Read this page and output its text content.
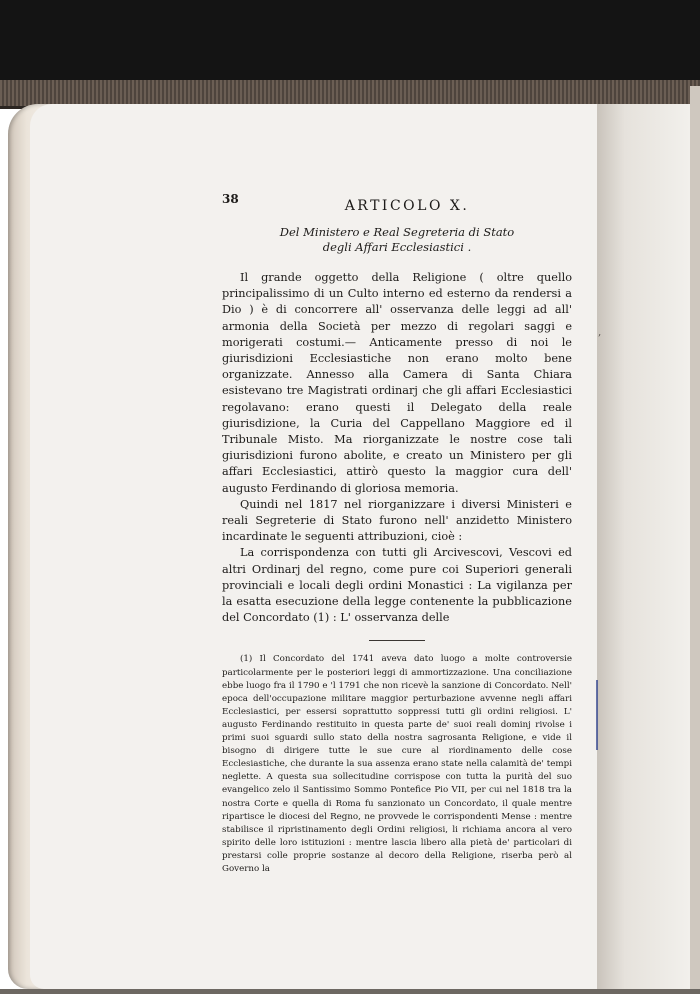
38	ARTICOLO X.
Del Ministero e Real Segreteria di Stato
degli Affari Ecclesiastici .

Il grande oggetto della Religione ( oltre quello principalissimo di un Culto interno ed esterno da rendersi a Dio ) è di concorrere all' osservanza delle leggi ad all' armonia della Società per mezzo di regolari saggi e morigerati costumi.— Anticamente presso di noi le giurisdizioni Ecclesiastiche non erano molto bene organizzate. Annesso alla Camera di Santa Chiara esistevano tre Magistrati ordinarj che gli affari Ecclesiastici regolavano: erano questi il Delegato della reale giurisdizione, la Curia del Cappellano Maggiore ed il Tribunale Misto. Ma riorganizzate le nostre cose tali giurisdizioni furono abolite, e creato un Ministero per gli affari Ecclesiastici, attirò questo la maggior cura dell' augusto Ferdinando di gloriosa memoria.

Quindi nel 1817 nel riorganizzare i diversi Ministeri e reali Segreterie di Stato furono nell' anzidetto Ministero incardinate le seguenti attribuzioni, cioè :

La corrispondenza con tutti gli Arcivescovi, Vescovi ed altri Ordinarj del regno, come pure coi Superiori generali provinciali e locali degli ordini Monastici : La vigilanza per la esatta esecuzione della legge contenente la pubblicazione del Concordato (1) : L' osservanza delle

(1) Il Concordato del 1741 aveva dato luogo a molte controversie particolarmente per le posteriori leggi di ammortizzazione. Una conciliazione ebbe luogo fra il 1790 e 'l 1791 che non ricevè la sanzione di Concordato. Nell' epoca dell'occupazione militare maggior perturbazione avvenne negli affari Ecclesiastici, per essersi soprattutto soppressi tutti gli ordini religiosi. L' augusto Ferdinando restituito in questa parte de' suoi reali dominj rivolse i primi suoi sguardi sullo stato della nostra sagrosanta Religione, e vide il bisogno di dirigere tutte le sue cure al riordinamento delle cose Ecclesiastiche, che durante la sua assenza erano state nella calamità de' tempi neglette. A questa sua sollecitudine corrispose con tutta la purità del suo evangelico zelo il Santissimo Sommo Pontefice Pio VII, per cui nel 1818 tra la nostra Corte e quella di Roma fu sanzionato un Concordato, il quale mentre ripartisce le diocesi del Regno, ne provvede le corrispondenti Mense : mentre stabilisce il ripristinamento degli Ordini religiosi, li richiama ancora al vero spirito delle loro istituzioni : mentre lascia libero alla pietà de' particolari di prestarsi colle proprie sostanze al decoro della Religione, riserba però al Governo la

‚
